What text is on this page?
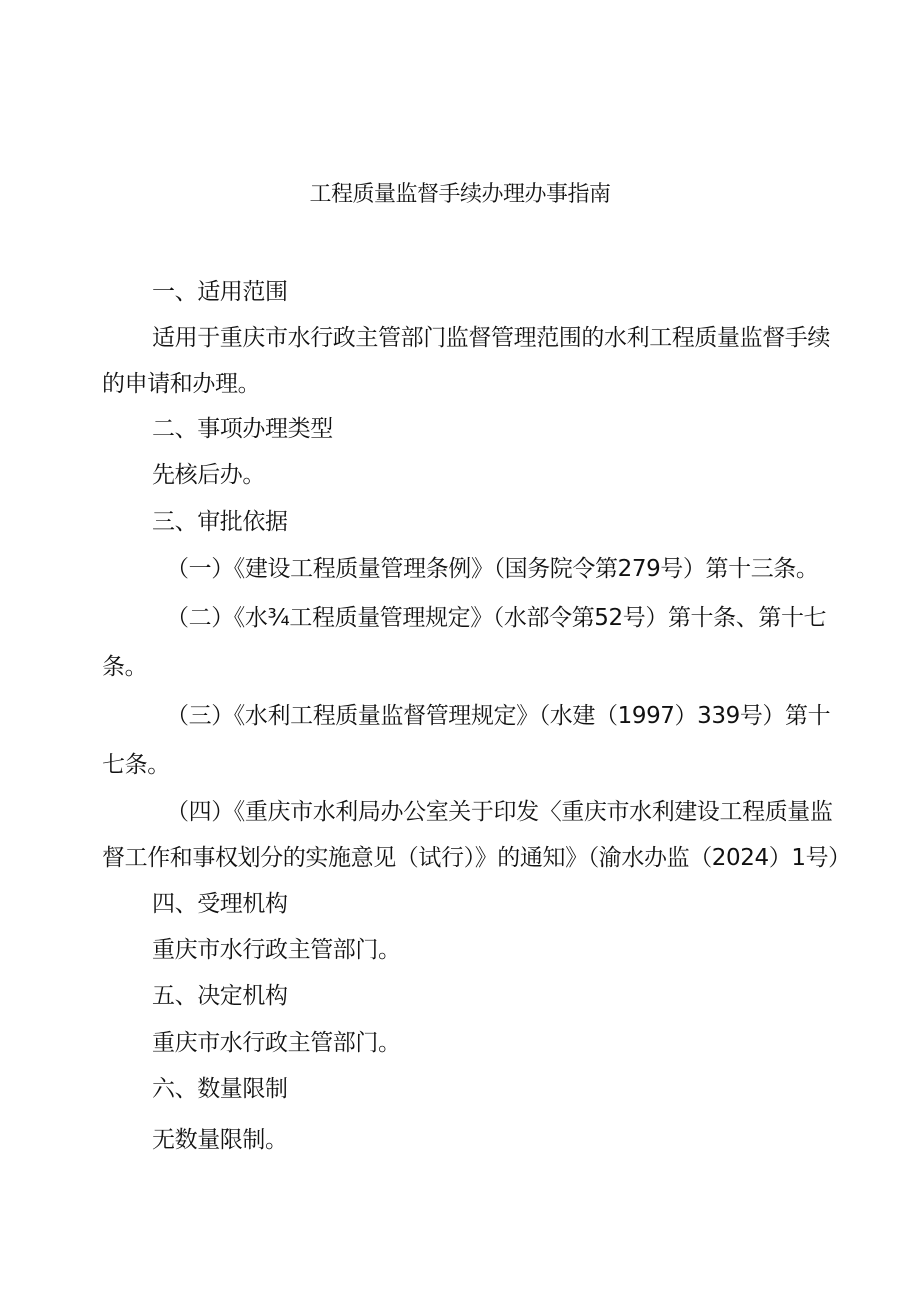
工程质量监督手续办理办事指南
一、适用范围
适用于重庆市水行政主管部门监督管理范围的水利工程质量监督手续
的申请和办理。
二、事项办理类型
先核后办。
三、审批依据
（一）《建设工程质量管理条例》（国务院令第279号）第十三条。
（二）《水¾工程质量管理规定》（水部令第52号）第十条、第十七
条。
（三）《水利工程质量监督管理规定》（水建（1997）339号）第十
七条。
（四）《重庆市水利局办公室关于印发〈重庆市水利建设工程质量监
督工作和事权划分的实施意见（试行）》的通知》（渝水办监（2024）1号）
四、受理机构
重庆市水行政主管部门。
五、决定机构
重庆市水行政主管部门。
六、数量限制
无数量限制。
